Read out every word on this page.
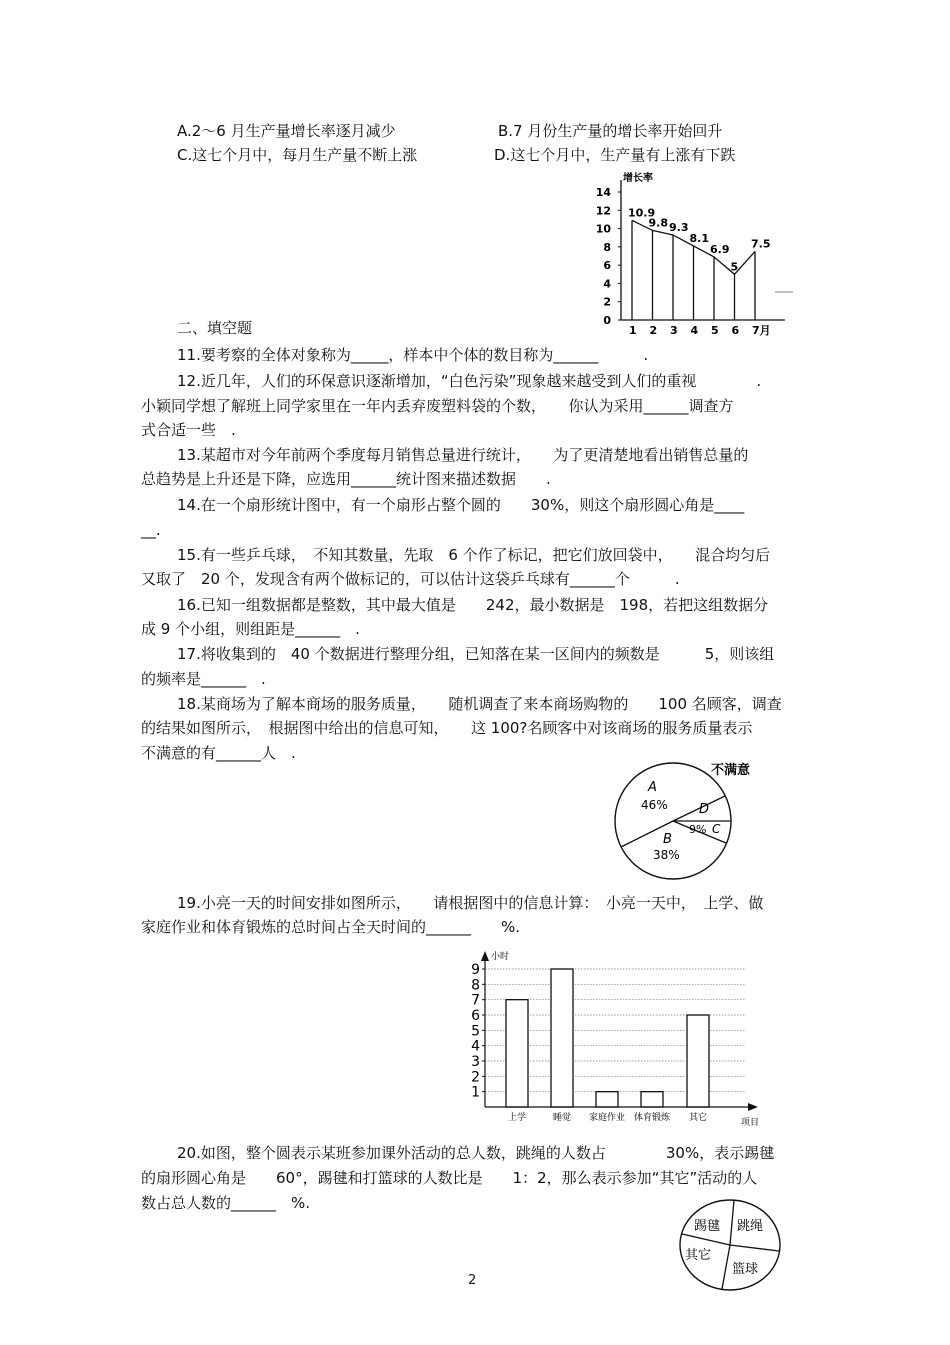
A.2～6 月生产量增长率逐月减少	B.7 月份生产量的增长率开始回升
C.这七个月中，每月生产量不断上涨	D.这七个月中，生产量有上涨有下跌
0
2
4
6
8
10
12
14
10.9
9.8 9.3
8.1
6.9
5
7.5
1 2 3 4 5 6 7月
增长率
二、填空题
11.要考察的全体对象称为_____，样本中个体的数目称为______　　　.
12.近几年，人们的环保意识逐渐增加，“白色污染”现象越来越受到人们的重视　　　　.
小颖同学想了解班上同学家里在一年内丢弃废塑料袋的个数，　　你认为采用______调查方
式合适一些　.
13.某超市对今年前两个季度每月销售总量进行统计，　　为了更清楚地看出销售总量的
总趋势是上升还是下降，应选用______统计图来描述数据　　.
14.在一个扇形统计图中，有一个扇形占整个圆的　　30%，则这个扇形圆心角是____
__.
15.有一些乒乓球，　不知其数量，先取　6 个作了标记，把它们放回袋中，　　混合均匀后
又取了　20 个，发现含有两个做标记的，可以估计这袋乒乓球有______个　　　.
16.已知一组数据都是整数，其中最大值是　　242，最小数据是　198，若把这组数据分
成 9 个小组，则组距是______　.
17.将收集到的　40 个数据进行整理分组，已知落在某一区间内的频数是　　　5，则该组
的频率是______　.
18.某商场为了解本商场的服务质量，　　随机调查了来本商场购物的　　100 名顾客，调查
的结果如图所示，　根据图中给出的信息可知，　　这 100?名顾客中对该商场的服务质量表示
不满意的有______人　.
A
46%
B
38%
9% C
D
不满意
19.小亮一天的时间安排如图所示，　　请根据图中的信息计算：　小亮一天中，　上学、做
家庭作业和体育锻炼的总时间占全天时间的______　　%.
1
2
3
4
5
6
7
8
9
上学	睡觉 家庭作业 体育锻炼 其它
小时
项目
20.如图，整个圆表示某班参加课外活动的总人数，跳绳的人数占　　　　30%，表示踢毽
的扇形圆心角是　　60°，踢毽和打篮球的人数比是　　1：2，那么表示参加“其它”活动的人
数占总人数的______　%.
踢毽 跳绳
其它
篮球
2
